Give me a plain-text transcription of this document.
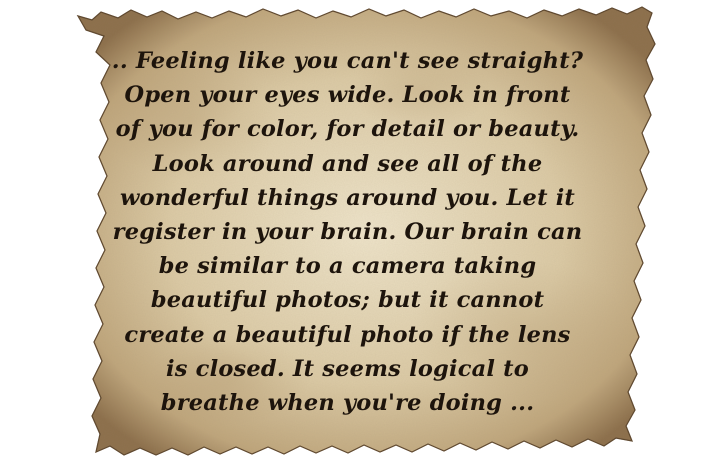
.. Feeling like you can't see straight?
Open your eyes wide. Look in front
of you for color, for detail or beauty.
Look around and see all of the
wonderful things around you. Let it
register in your brain. Our brain can
be similar to a camera taking
beautiful photos; but it cannot
create a beautiful photo if the lens
is closed. It seems logical to
breathe when you're doing ...
